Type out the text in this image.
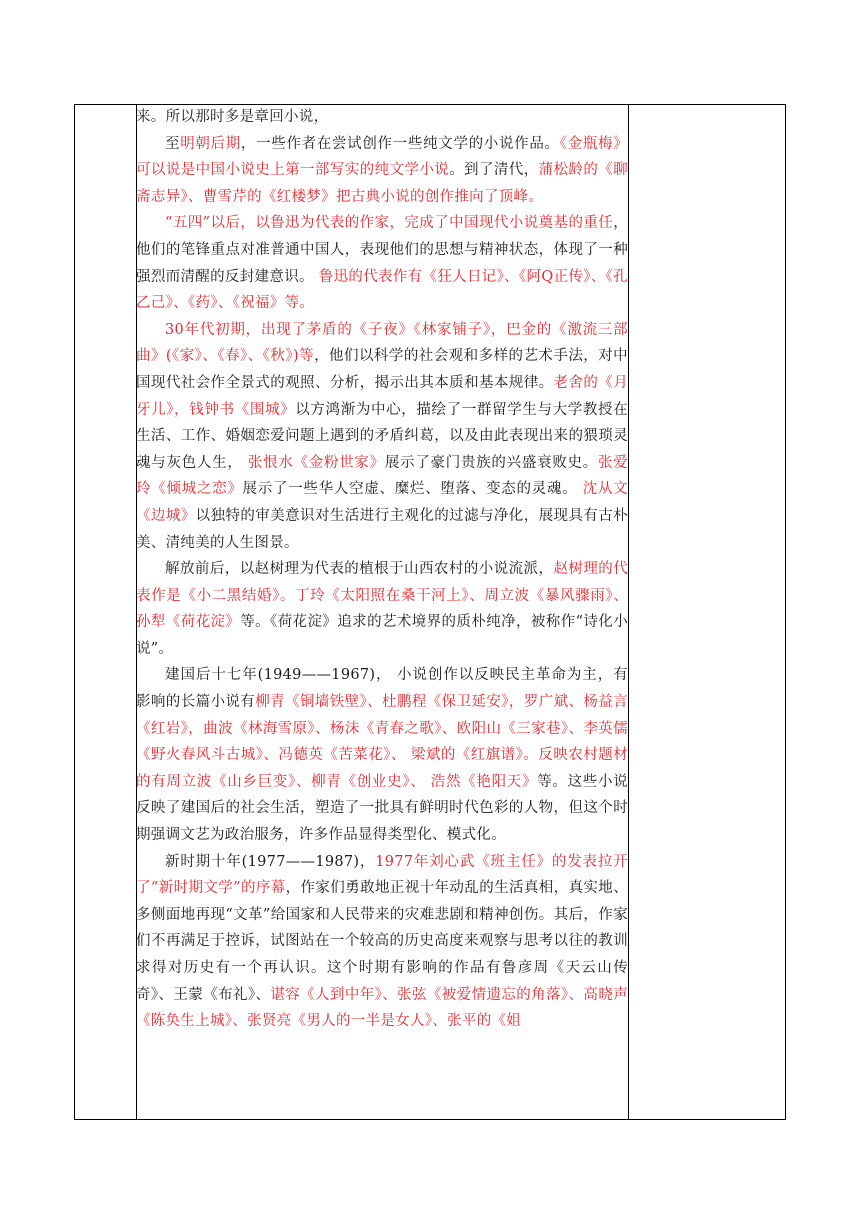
来。所以那时多是章回小说，

至明朝后期，一些作者在尝试创作一些纯文学的小说作品。《金瓶梅》可以说是中国小说史上第一部写实的纯文学小说。到了清代，蒲松龄的《聊斋志异》、曹雪芹的《红楼梦》把古典小说的创作推向了顶峰。

“五四”以后，以鲁迅为代表的作家，完成了中国现代小说奠基的重任，他们的笔锋重点对准普通中国人，表现他们的思想与精神状态，体现了一种强烈而清醒的反封建意识。 鲁迅的代表作有《狂人日记》、《阿Q正传》、《孔乙己》、《药》、《祝福》等。

30年代初期，出现了茅盾的《子夜》《林家铺子》，巴金的《激流三部曲》(《家》、《春》、《秋》)等，他们以科学的社会观和多样的艺术手法，对中国现代社会作全景式的观照、分析，揭示出其本质和基本规律。老舍的《月牙儿》，钱钟书《围城》以方鸿渐为中心，描绘了一群留学生与大学教授在生活、工作、婚姻恋爱问题上遇到的矛盾纠葛，以及由此表现出来的猥琐灵魂与灰色人生， 张恨水《金粉世家》展示了豪门贵族的兴盛衰败史。张爱玲《倾城之恋》展示了一些华人空虚、糜烂、堕落、变态的灵魂。 沈从文《边城》以独特的审美意识对生活进行主观化的过滤与净化，展现具有古朴美、清纯美的人生图景。

解放前后，以赵树理为代表的植根于山西农村的小说流派，赵树理的代表作是《小二黑结婚》。丁玲《太阳照在桑干河上》、周立波《暴风骤雨》、孙犁《荷花淀》等。《荷花淀》追求的艺术境界的质朴纯净，被称作“诗化小说”。

建国后十七年(1949——1967)， 小说创作以反映民主革命为主，有影响的长篇小说有柳青《铜墙铁壁》、杜鹏程《保卫延安》，罗广斌、杨益言《红岩》，曲波《林海雪原》、杨沫《青春之歌》、欧阳山《三家巷》、李英儒《野火春风斗古城》、冯德英《苦菜花》、 梁斌的《红旗谱》。反映农村题材的有周立波《山乡巨变》、柳青《创业史》、 浩然《艳阳天》等。这些小说反映了建国后的社会生活，塑造了一批具有鲜明时代色彩的人物，但这个时期强调文艺为政治服务，许多作品显得类型化、模式化。

新时期十年(1977——1987)，1977年刘心武《班主任》的发表拉开了“新时期文学”的序幕，作家们勇敢地正视十年动乱的生活真相，真实地、多侧面地再现“文革”给国家和人民带来的灾难悲剧和精神创伤。其后，作家们不再满足于控诉，试图站在一个较高的历史高度来观察与思考以往的教训求得对历史有一个再认识。这个时期有影响的作品有鲁彦周《天云山传奇》、王蒙《布礼》、谌容《人到中年》、张弦《被爱情遗忘的角落》、高晓声《陈奂生上城》、张贤亮《男人的一半是女人》、张平的《姐
